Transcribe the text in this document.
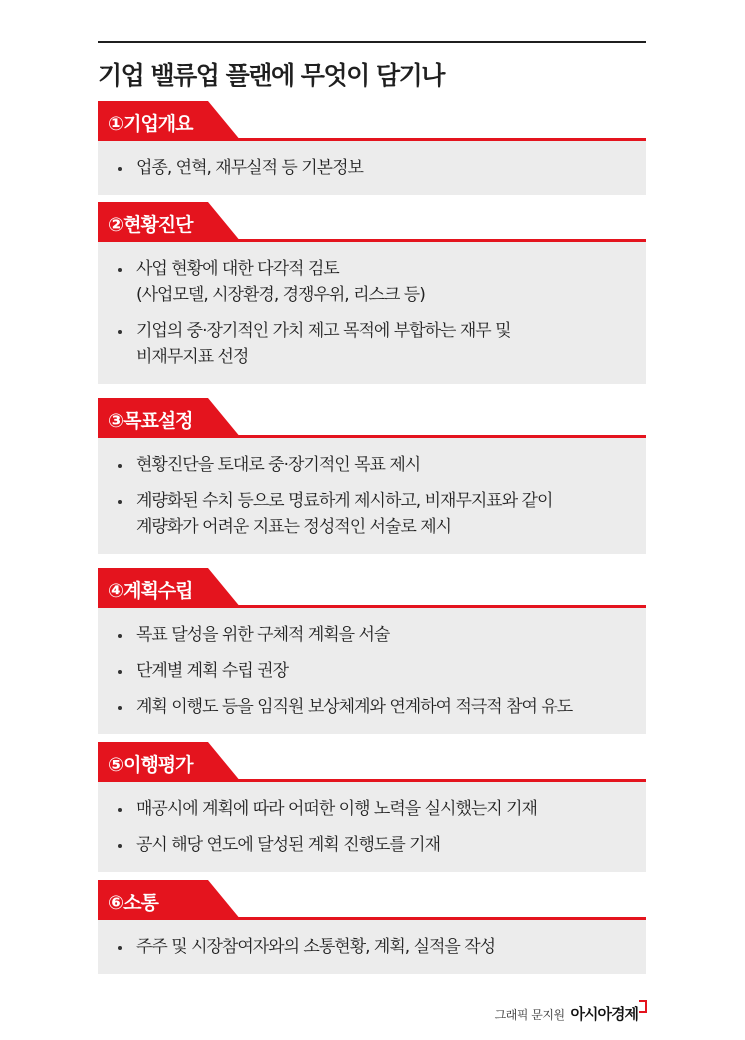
기업 밸류업 플랜에 무엇이 담기나
①기업개요
업종, 연혁, 재무실적 등 기본정보
②현황진단
사업 현황에 대한 다각적 검토
(사업모델, 시장환경, 경쟁우위, 리스크 등)
기업의 중·장기적인 가치 제고 목적에 부합하는 재무 및
비재무지표 선정
③목표설정
현황진단을 토대로 중·장기적인 목표 제시
계량화된 수치 등으로 명료하게 제시하고, 비재무지표와 같이
계량화가 어려운 지표는 정성적인 서술로 제시
④계획수립
목표 달성을 위한 구체적 계획을 서술
단계별 계획 수립 권장
계획 이행도 등을 임직원 보상체계와 연계하여 적극적 참여 유도
⑤이행평가
매공시에 계획에 따라 어떠한 이행 노력을 실시했는지 기재
공시 해당 연도에 달성된 계획 진행도를 기재
⑥소통
주주 및 시장참여자와의 소통현황, 계획, 실적을 작성
그래픽 문지원 아시아경제
